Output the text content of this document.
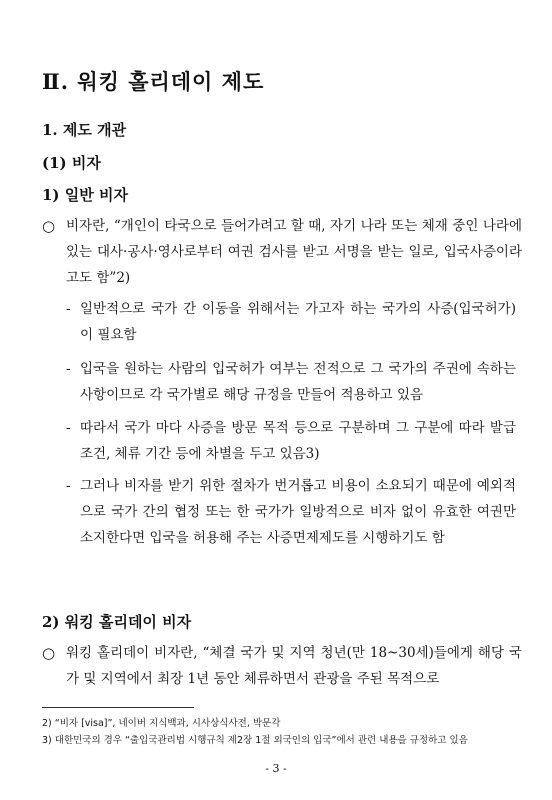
Ⅱ. 워킹 홀리데이 제도
1. 제도 개관
(1) 비자
1) 일반 비자
○ 비자란, “개인이 타국으로 들어가려고 할 때, 자기 나라 또는 체재 중인 나라에 있는 대사·공사·영사로부터 여권 검사를 받고 서명을 받는 일로, 입국사증이라고도 함”2)
- 일반적으로 국가 간 이동을 위해서는 가고자 하는 국가의 사증(입국허가)이 필요함
- 입국을 원하는 사람의 입국허가 여부는 전적으로 그 국가의 주권에 속하는 사항이므로 각 국가별로 해당 규정을 만들어 적용하고 있음
- 따라서 국가 마다 사증을 방문 목적 등으로 구분하며 그 구분에 따라 발급 조건, 체류 기간 등에 차별을 두고 있음3)
- 그러나 비자를 받기 위한 절차가 번거롭고 비용이 소요되기 때문에 예외적으로 국가 간의 협정 또는 한 국가가 일방적으로 비자 없이 유효한 여권만 소지한다면 입국을 허용해 주는 사증면제제도를 시행하기도 함
2) 워킹 홀리데이 비자
○ 워킹 홀리데이 비자란, “체결 국가 및 지역 청년(만 18~30세)들에게 해당 국가 및 지역에서 최장 1년 동안 체류하면서 관광을 주된 목적으로
2) “비자 [visa]”, 네이버 지식백과, 시사상식사전, 박문각
3) 대한민국의 경우 “출입국관리법 시행규칙 제2장 1절 외국인의 입국”에서 관련 내용을 규정하고 있음
- 3 -
